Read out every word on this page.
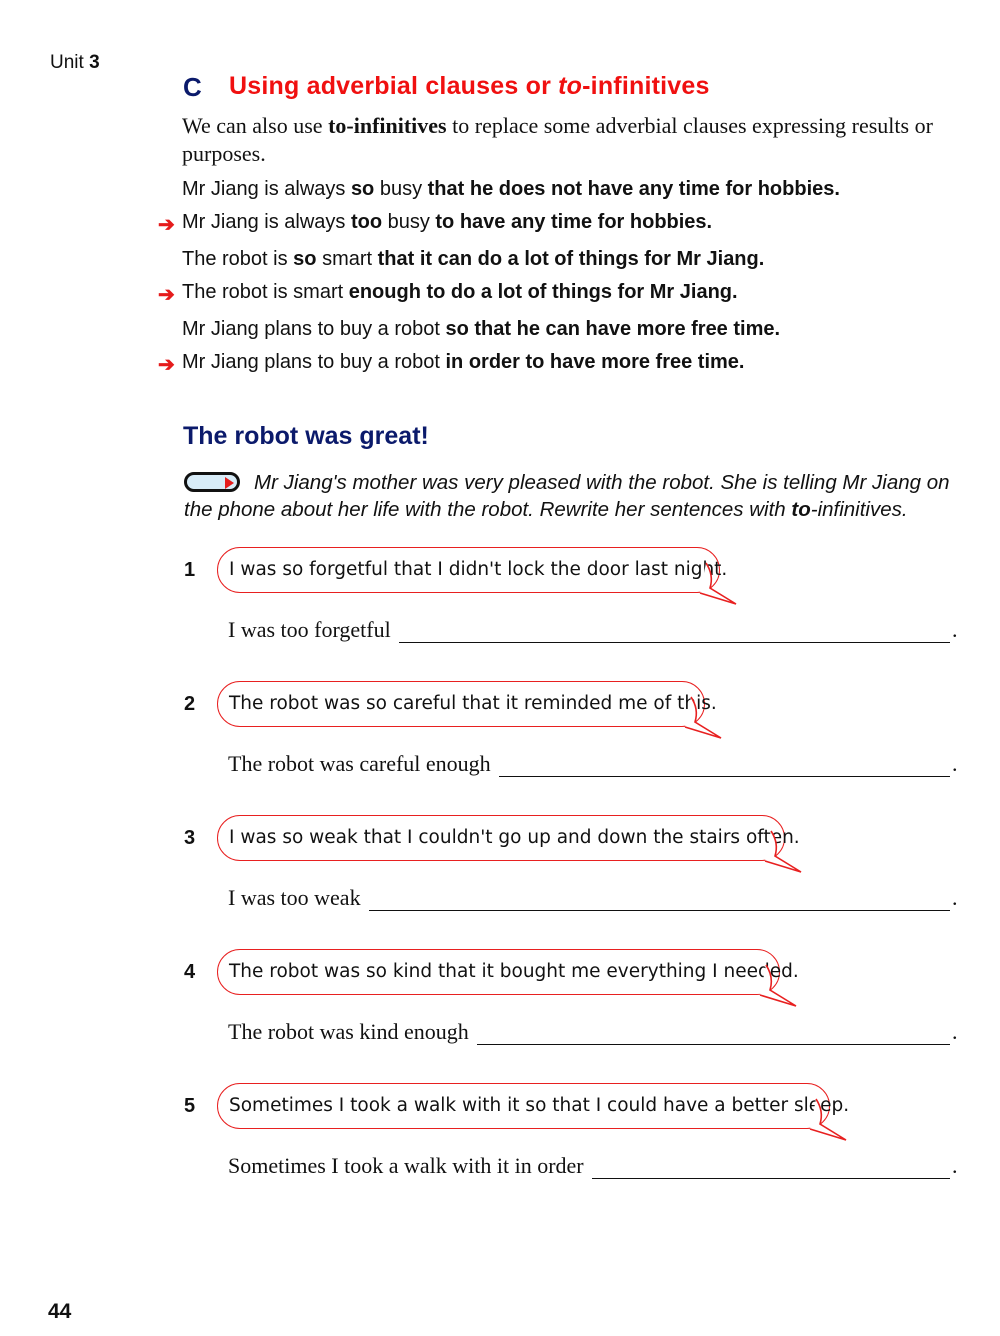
Unit 3
C Using adverbial clauses or to-infinitives
We can also use to-infinitives to replace some adverbial clauses expressing results or purposes.
Mr Jiang is always so busy that he does not have any time for hobbies.
➔ Mr Jiang is always too busy to have any time for hobbies.
The robot is so smart that it can do a lot of things for Mr Jiang.
➔ The robot is smart enough to do a lot of things for Mr Jiang.
Mr Jiang plans to buy a robot so that he can have more free time.
➔ Mr Jiang plans to buy a robot in order to have more free time.
The robot was great!
Mr Jiang's mother was very pleased with the robot. She is telling Mr Jiang on the phone about her life with the robot. Rewrite her sentences with to-infinitives.
1	I was so forgetful that I didn't lock the door last night.
I was too forgetful	.
2	The robot was so careful that it reminded me of this.
The robot was careful enough	.
3	I was so weak that I couldn't go up and down the stairs often.
I was too weak	.
4	The robot was so kind that it bought me everything I needed.
The robot was kind enough	.
5	Sometimes I took a walk with it so that I could have a better sleep.
Sometimes I took a walk with it in order	.
44
